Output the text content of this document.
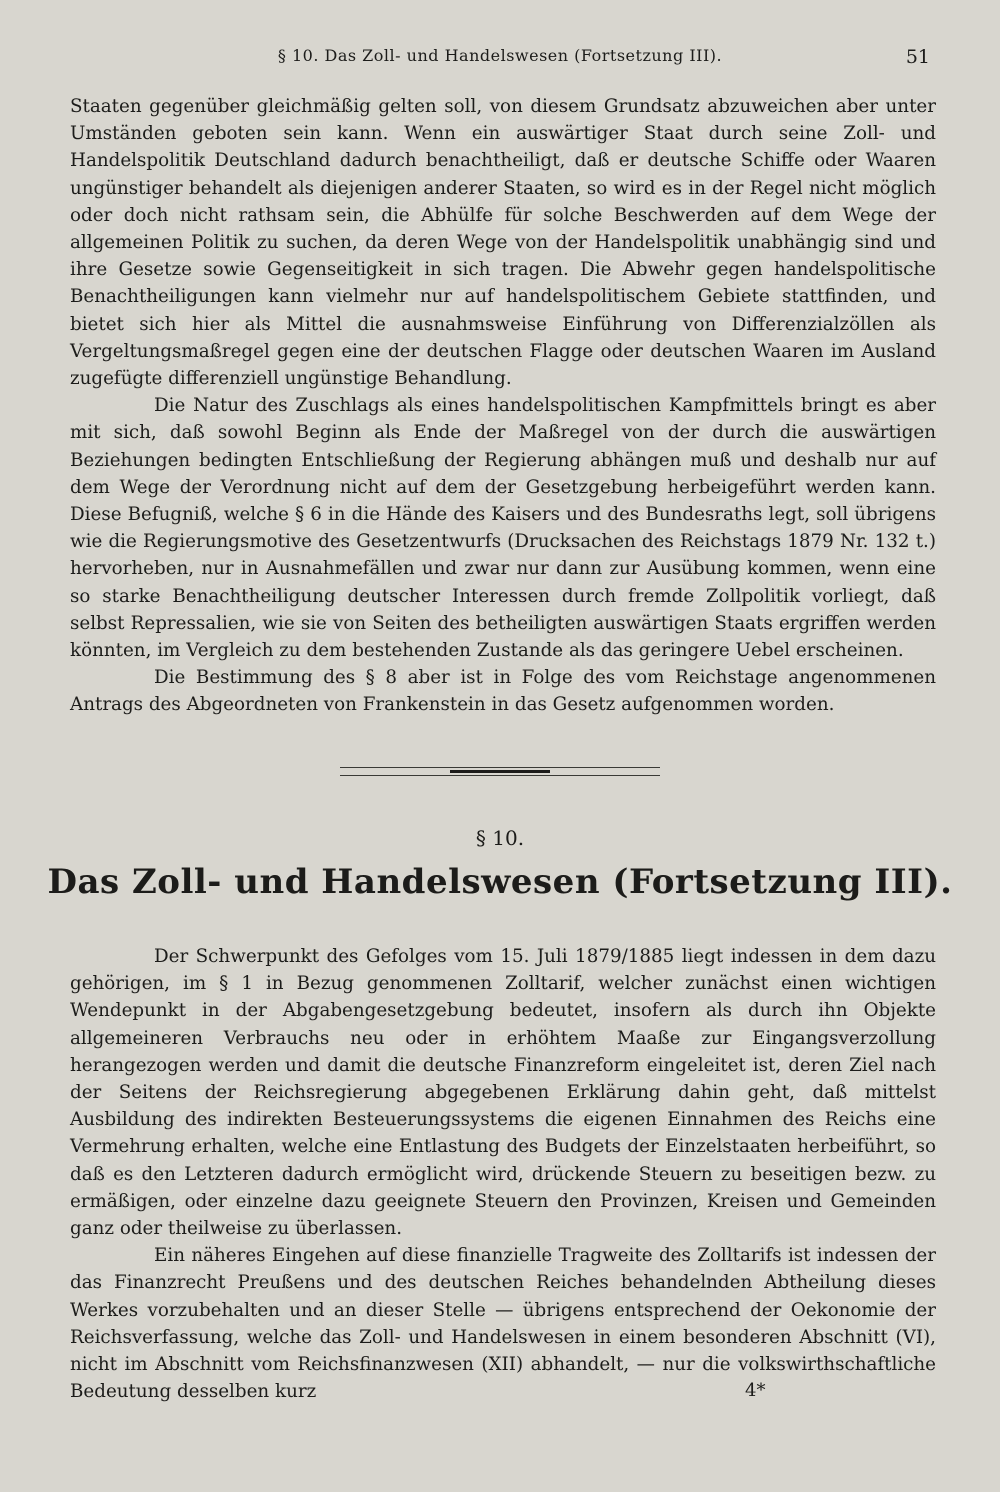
§ 10. Das Zoll- und Handelswesen (Fortsetzung III).	51

Staaten gegenüber gleichmäßig gelten soll, von diesem Grundsatz abzuweichen aber unter Umständen geboten sein kann. Wenn ein auswärtiger Staat durch seine Zoll- und Handelspolitik Deutschland dadurch benachtheiligt, daß er deutsche Schiffe oder Waaren ungünstiger behandelt als diejenigen anderer Staaten, so wird es in der Regel nicht möglich oder doch nicht rathsam sein, die Abhülfe für solche Beschwerden auf dem Wege der allgemeinen Politik zu suchen, da deren Wege von der Handelspolitik unabhängig sind und ihre Gesetze sowie Gegenseitigkeit in sich tragen. Die Abwehr gegen handelspolitische Benachtheiligungen kann vielmehr nur auf handelspolitischem Gebiete stattfinden, und bietet sich hier als Mittel die ausnahmsweise Einführung von Differenzialzöllen als Vergeltungsmaßregel gegen eine der deutschen Flagge oder deutschen Waaren im Ausland zugefügte differenziell ungünstige Behandlung.

Die Natur des Zuschlags als eines handelspolitischen Kampfmittels bringt es aber mit sich, daß sowohl Beginn als Ende der Maßregel von der durch die auswärtigen Beziehungen bedingten Entschließung der Regierung abhängen muß und deshalb nur auf dem Wege der Verordnung nicht auf dem der Gesetzgebung herbeigeführt werden kann. Diese Befugniß, welche § 6 in die Hände des Kaisers und des Bundesraths legt, soll übrigens wie die Regierungsmotive des Gesetzentwurfs (Drucksachen des Reichstags 1879 Nr. 132 t.) hervorheben, nur in Ausnahmefällen und zwar nur dann zur Ausübung kommen, wenn eine so starke Benachtheiligung deutscher Interessen durch fremde Zollpolitik vorliegt, daß selbst Repressalien, wie sie von Seiten des betheiligten auswärtigen Staats ergriffen werden könnten, im Vergleich zu dem bestehenden Zustande als das geringere Uebel erscheinen.

Die Bestimmung des § 8 aber ist in Folge des vom Reichstage angenommenen Antrags des Abgeordneten von Frankenstein in das Gesetz aufgenommen worden.

§ 10.
Das Zoll- und Handelswesen (Fortsetzung III).

Der Schwerpunkt des Gefolges vom 15. Juli 1879/1885 liegt indessen in dem dazu gehörigen, im § 1 in Bezug genommenen Zolltarif, welcher zunächst einen wichtigen Wendepunkt in der Abgabengesetzgebung bedeutet, insofern als durch ihn Objekte allgemeineren Verbrauchs neu oder in erhöhtem Maaße zur Eingangsverzollung herangezogen werden und damit die deutsche Finanzreform eingeleitet ist, deren Ziel nach der Seitens der Reichsregierung abgegebenen Erklärung dahin geht, daß mittelst Ausbildung des indirekten Besteuerungssystems die eigenen Einnahmen des Reichs eine Vermehrung erhalten, welche eine Entlastung des Budgets der Einzelstaaten herbeiführt, so daß es den Letzteren dadurch ermöglicht wird, drückende Steuern zu beseitigen bezw. zu ermäßigen, oder einzelne dazu geeignete Steuern den Provinzen, Kreisen und Gemeinden ganz oder theilweise zu überlassen.

Ein näheres Eingehen auf diese finanzielle Tragweite des Zolltarifs ist indessen der das Finanzrecht Preußens und des deutschen Reiches behandelnden Abtheilung dieses Werkes vorzubehalten und an dieser Stelle — übrigens entsprechend der Oekonomie der Reichsverfassung, welche das Zoll- und Handelswesen in einem besonderen Abschnitt (VI), nicht im Abschnitt vom Reichsfinanzwesen (XII) abhandelt, — nur die volkswirthschaftliche Bedeutung desselben kurz	4*
